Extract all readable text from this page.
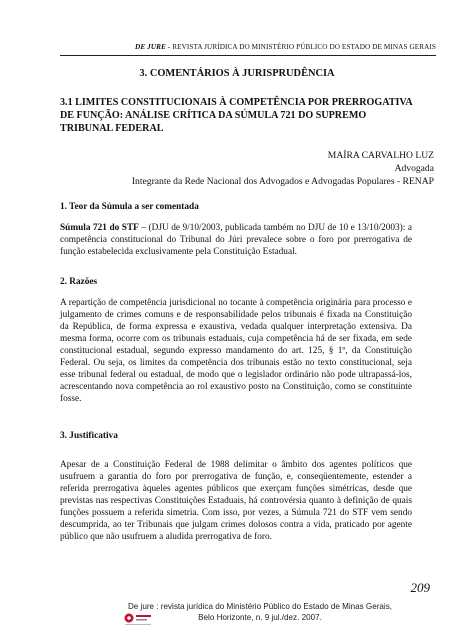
DE JURE - REVISTA JURÍDICA DO MINISTÉRIO PÚBLICO DO ESTADO DE MINAS GERAIS
3. COMENTÁRIOS À JURISPRUDÊNCIA
3.1 LIMITES CONSTITUCIONAIS À COMPETÊNCIA POR PRERROGATIVA DE FUNÇÃO: ANÁLISE CRÍTICA DA SÚMULA 721 DO SUPREMO TRIBUNAL FEDERAL
MAÍRA CARVALHO LUZ
Advogada
Integrante da Rede Nacional dos Advogados e Advogadas Populares - RENAP
1. Teor da Súmula a ser comentada
Súmula 721 do STF – (DJU de 9/10/2003, publicada também no DJU de 10 e 13/10/2003): a competência constitucional do Tribunal do Júri prevalece sobre o foro por prerrogativa de função estabelecida exclusivamente pela Constituição Estadual.
2. Razões
A repartição de competência jurisdicional no tocante à competência originária para processo e julgamento de crimes comuns e de responsabilidade pelos tribunais é fixada na Constituição da República, de forma expressa e exaustiva, vedada qualquer interpretação extensiva. Da mesma forma, ocorre com os tribunais estaduais, cuja competência há de ser fixada, em sede constitucional estadual, segundo expresso mandamento do art. 125, § 1º, da Constituição Federal. Ou seja, os limites da competência dos tribunais estão no texto constitucional, seja esse tribunal federal ou estadual, de modo que o legislador ordinário não pode ultrapassá-los, acrescentando nova competência ao rol exaustivo posto na Constituição, como se constituinte fosse.
3. Justificativa
Apesar de a Constituição Federal de 1988 delimitar o âmbito dos agentes políticos que usufruem a garantia do foro por prerrogativa de função, e, conseqüentemente, estender a referida prerrogativa àqueles agentes públicos que exerçam funções simétricas, desde que previstas nas respectivas Constituições Estaduais, há controvérsia quanto à definição de quais funções possuem a referida simetria. Com isso, por vezes, a Súmula 721 do STF vem sendo descumprida, ao ter Tribunais que julgam crimes dolosos contra a vida, praticado por agente público que não usufruem a aludida prerrogativa de foro.
209
De jure : revista jurídica do Ministério Público do Estado de Minas Gerais,
Belo Horizonte, n. 9 jul./dez. 2007.
